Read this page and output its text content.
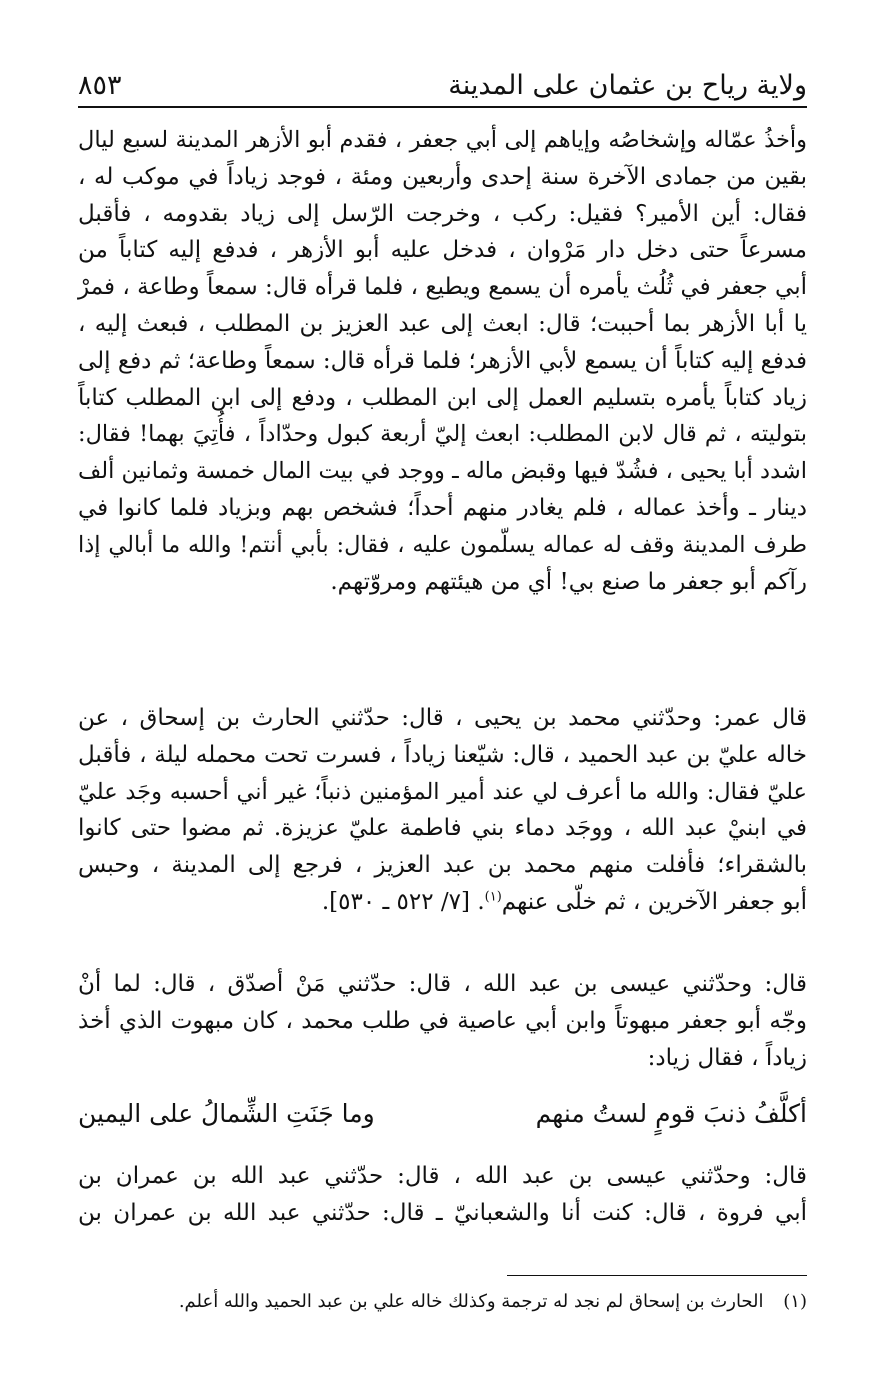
ولاية رياح بن عثمان على المدينة
٨٥٣

وأخذُ عمّاله وإشخاصُه وإياهم إلى أبي جعفر ، فقدم أبو الأزهر المدينة لسبع ليال
بقين من جمادى الآخرة سنة إحدى وأربعين ومئة ، فوجد زياداً في موكب له ،
فقال: أين الأمير؟ فقيل: ركب ، وخرجت الرّسل إلى زياد بقدومه ، فأقبل
مسرعاً حتى دخل دار مَرْوان ، فدخل عليه أبو الأزهر ، فدفع إليه كتاباً من
أبي جعفر في ثُلُث يأمره أن يسمع ويطيع ، فلما قرأه قال: سمعاً وطاعة ، فمرْ
يا أبا الأزهر بما أحببت؛ قال: ابعث إلى عبد العزيز بن المطلب ، فبعث إليه ،
فدفع إليه كتاباً أن يسمع لأبي الأزهر؛ فلما قرأه قال: سمعاً وطاعة؛ ثم دفع إلى
زياد كتاباً يأمره بتسليم العمل إلى ابن المطلب ، ودفع إلى ابن المطلب كتاباً
بتوليته ، ثم قال لابن المطلب: ابعث إليّ أربعة كبول وحدّاداً ، فأُتِيَ بهما! فقال:
اشدد أبا يحيى ، فشُدّ فيها وقبض ماله ـ ووجد في بيت المال خمسة وثمانين ألف
دينار ـ وأخذ عماله ، فلم يغادر منهم أحداً؛ فشخص بهم وبزياد فلما كانوا في
طرف المدينة وقف له عماله يسلّمون عليه ، فقال: بأبي أنتم! والله ما أبالي إذا
رآكم أبو جعفر ما صنع بي! أي من هيئتهم ومروّتهم.

قال عمر: وحدّثني محمد بن يحيى ، قال: حدّثني الحارث بن إسحاق ، عن
خاله عليّ بن عبد الحميد ، قال: شيّعنا زياداً ، فسرت تحت محمله ليلة ، فأقبل
عليّ فقال: والله ما أعرف لي عند أمير المؤمنين ذنباً؛ غير أني أحسبه وجَد عليّ
في ابنيْ عبد الله ، ووجَد دماء بني فاطمة عليّ عزيزة. ثم مضوا حتى كانوا
بالشقراء؛ فأفلت منهم محمد بن عبد العزيز ، فرجع إلى المدينة ، وحبس
أبو جعفر الآخرين ، ثم خلّى عنهم$^{(١)}$. [٧/ ٥٢٢ ـ ٥٣٠].

قال: وحدّثني عيسى بن عبد الله ، قال: حدّثني مَنْ أصدّق ، قال: لما أنْ
وجّه أبو جعفر مبهوتاً وابن أبي عاصية في طلب محمد ، كان مبهوت الذي أخذ
زياداً ، فقال زياد:

أكلَّفُ ذنبَ قومٍ لستُ منهم
وما جَنَتِ الشِّمالُ على اليمين

قال: وحدّثني عيسى بن عبد الله ، قال: حدّثني عبد الله بن عمران بن
أبي فروة ، قال: كنت أنا والشعبانيّ ـ قال: حدّثني عبد الله بن عمران بن

(١) الحارث بن إسحاق لم نجد له ترجمة وكذلك خاله علي بن عبد الحميد والله أعلم.
